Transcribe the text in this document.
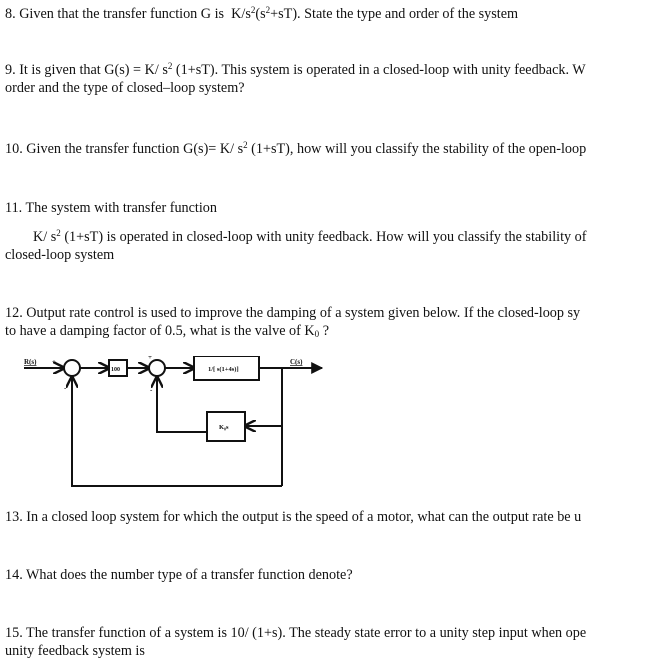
8. Given that the transfer function G is $K/s^2(s^2+sT)$. State the type and order of the system
9. It is given that G(s) = K/ $s^2$ (1+sT). This system is operated in a closed-loop with unity feedback. W
order and the type of closed–loop system?
10. Given the transfer function G(s)= K/ $s^2$ (1+sT), how will you classify the stability of the open-loop
11. The system with transfer function
K/ $s^2$ (1+sT) is operated in closed-loop with unity feedback. How will you classify the stability of
closed-loop system
12. Output rate control is used to improve the damping of a system given below. If the closed-loop sy
to have a damping factor of 0.5, what is the valve of $K_0$ ?
R(s) +
-
+
-
100	1/[ s(1+4s)]
K₀s
C(s)
13. In a closed loop system for which the output is the speed of a motor, what can the output rate be u
14. What does the number type of a transfer function denote?
15. The transfer function of a system is 10/ (1+s). The steady state error to a unity step input when ope
unity feedback system is
